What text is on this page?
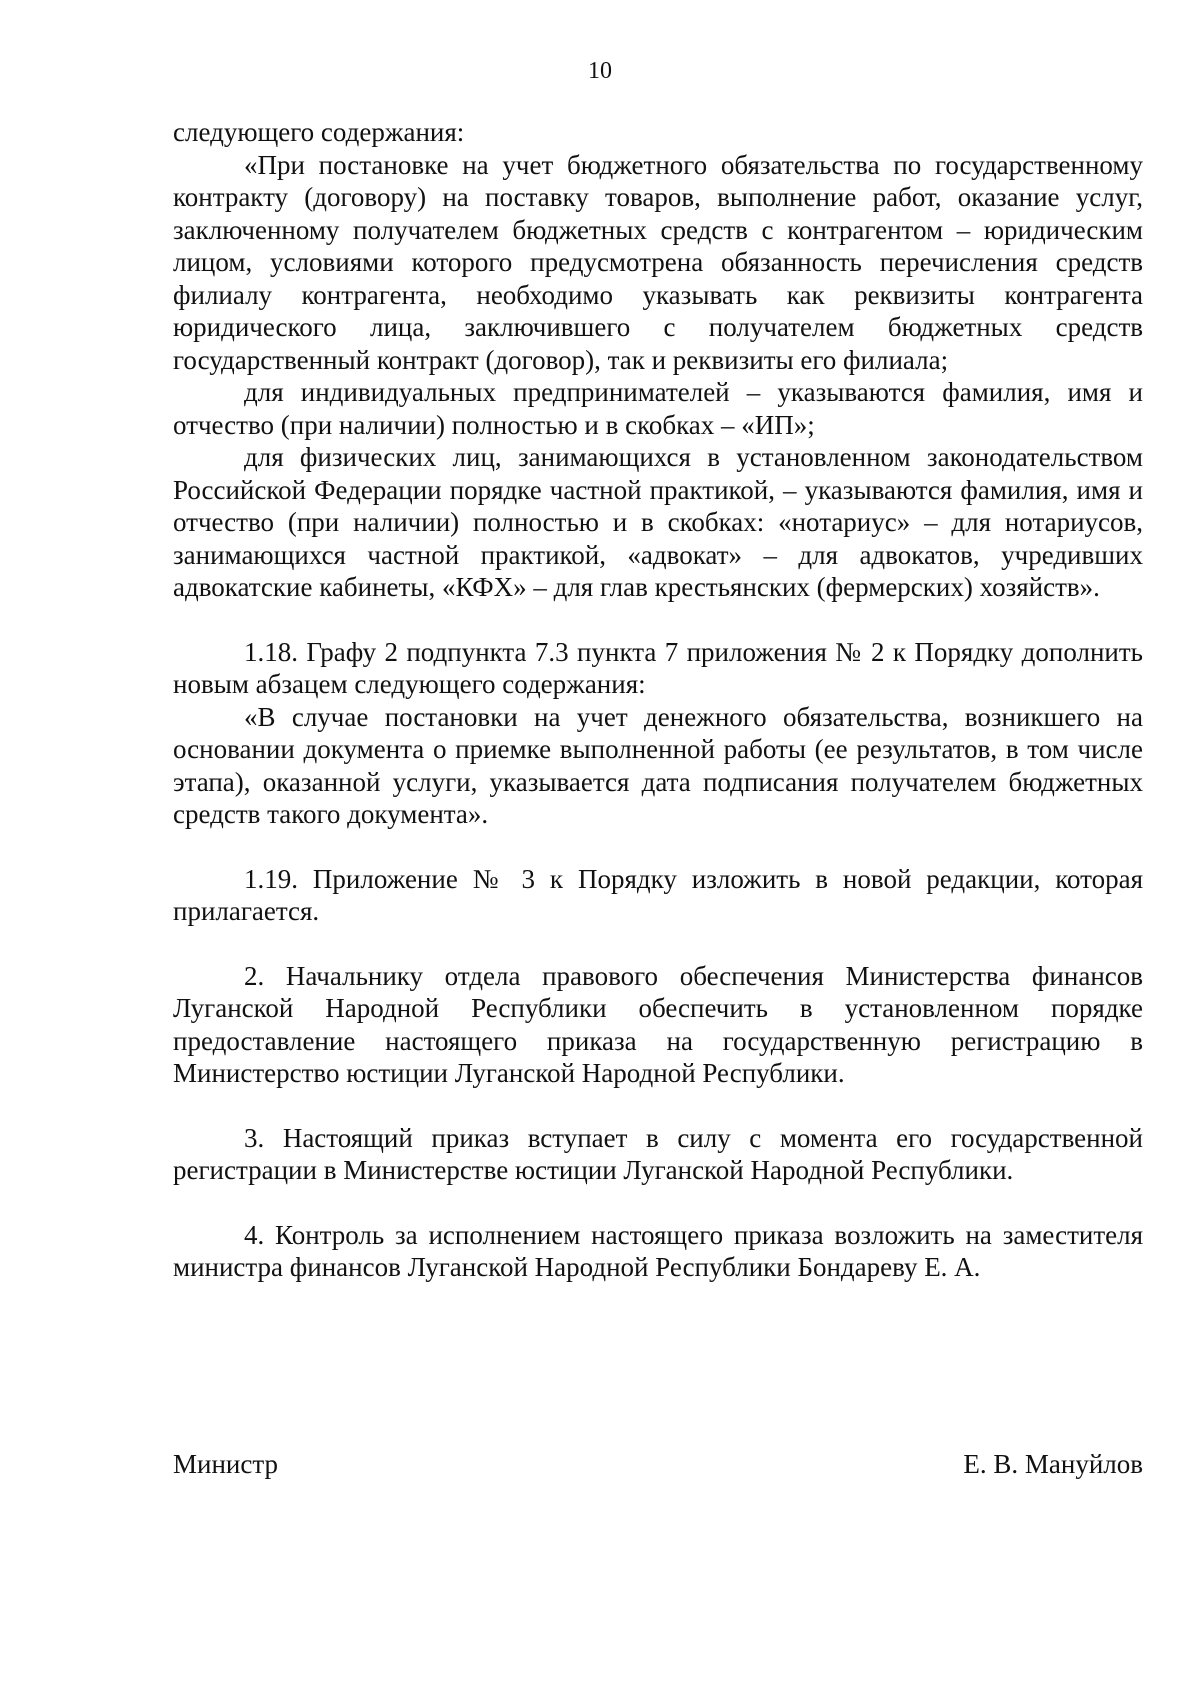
10

следующего содержания:

«При постановке на учет бюджетного обязательства по государственному контракту (договору) на поставку товаров, выполнение работ, оказание услуг, заключенному получателем бюджетных средств с контрагентом – юридическим лицом, условиями которого предусмотрена обязанность перечисления средств филиалу контрагента, необходимо указывать как реквизиты контрагента юридического лица, заключившего с получателем бюджетных средств государственный контракт (договор), так и реквизиты его филиала;

для индивидуальных предпринимателей – указываются фамилия, имя и отчество (при наличии) полностью и в скобках – «ИП»;

для физических лиц, занимающихся в установленном законодательством Российской Федерации порядке частной практикой, – указываются фамилия, имя и отчество (при наличии) полностью и в скобках: «нотариус» – для нотариусов, занимающихся частной практикой, «адвокат» – для адвокатов, учредивших адвокатские кабинеты, «КФХ» – для глав крестьянских (фермерских) хозяйств».

1.18. Графу 2 подпункта 7.3 пункта 7 приложения № 2 к Порядку дополнить новым абзацем следующего содержания:

«В случае постановки на учет денежного обязательства, возникшего на основании документа о приемке выполненной работы (ее результатов, в том числе этапа), оказанной услуги, указывается дата подписания получателем бюджетных средств такого документа».

1.19. Приложение № 3 к Порядку изложить в новой редакции, которая прилагается.

2. Начальнику отдела правового обеспечения Министерства финансов Луганской Народной Республики обеспечить в установленном порядке предоставление настоящего приказа на государственную регистрацию в Министерство юстиции Луганской Народной Республики.

3. Настоящий приказ вступает в силу с момента его государственной регистрации в Министерстве юстиции Луганской Народной Республики.

4. Контроль за исполнением настоящего приказа возложить на заместителя министра финансов Луганской Народной Республики Бондареву Е. А.

Министр	Е. В. Мануйлов
